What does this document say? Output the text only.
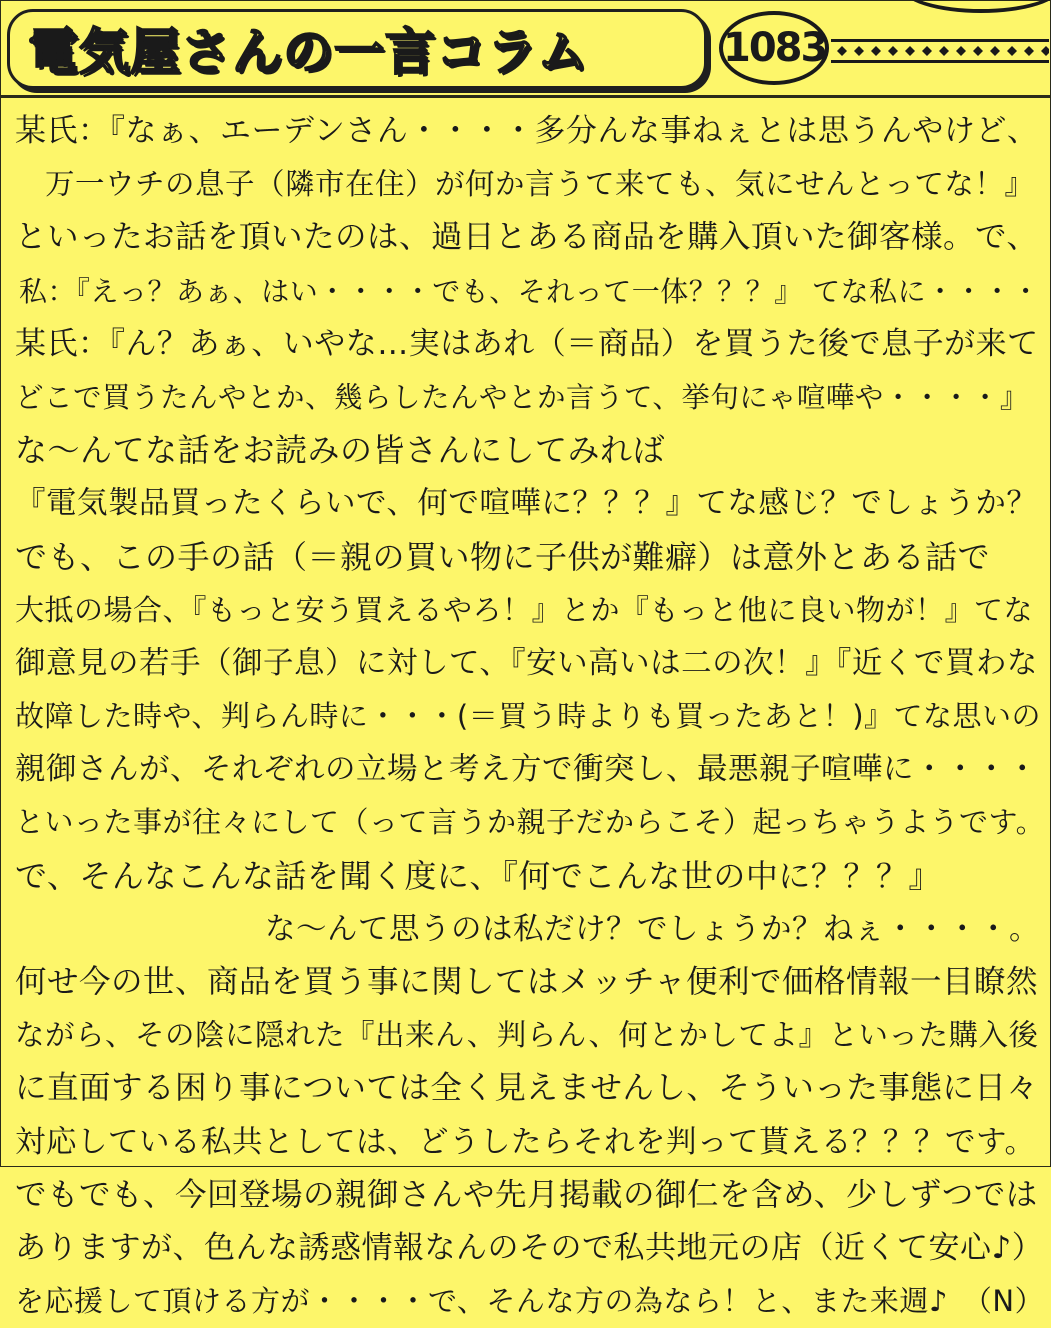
電気屋さんの一言コラム	1083
某氏：『なぁ、エーデンさん・・・・多分んな事ねぇとは思うんやけど、
万一ウチの息子（隣市在住）が何か言うて来ても、気にせんとってな！』
といったお話を頂いたのは、過日とある商品を購入頂いた御客様。で、
私：『えっ？あぁ、はい・・・・でも、それって一体？？？』 てな私に・・・・
某氏：『ん？あぁ、いやな…実はあれ（＝商品）を買うた後で息子が来て
どこで買うたんやとか、幾らしたんやとか言うて、挙句にゃ喧嘩や・・・・』
な～んてな話をお読みの皆さんにしてみれば
『電気製品買ったくらいで、何で喧嘩に？？？』てな感じ？でしょうか？
でも、この手の話（＝親の買い物に子供が難癖）は意外とある話で
大抵の場合、『もっと安う買えるやろ！』とか『もっと他に良い物が！』てな
御意見の若手（御子息）に対して、『安い高いは二の次！』『近くで買わな
故障した時や、判らん時に・・・(＝買う時よりも買ったあと！)』てな思いの
親御さんが、それぞれの立場と考え方で衝突し、最悪親子喧嘩に・・・・
といった事が往々にして（って言うか親子だからこそ）起っちゃうようです。
で、そんなこんな話を聞く度に、『何でこんな世の中に？？？』
な～んて思うのは私だけ？でしょうか？ねぇ・・・・。
何せ今の世、商品を買う事に関してはメッチャ便利で価格情報一目瞭然
ながら、その陰に隠れた『出来ん、判らん、何とかしてよ』といった購入後
に直面する困り事については全く見えませんし、そういった事態に日々
対応している私共としては、どうしたらそれを判って貰える？？？です。
でもでも、今回登場の親御さんや先月掲載の御仁を含め、少しずつでは
ありますが、色んな誘惑情報なんのそので私共地元の店（近くて安心♪）
を応援して頂ける方が・・・・で、そんな方の為なら！と、また来週♪　（N）
